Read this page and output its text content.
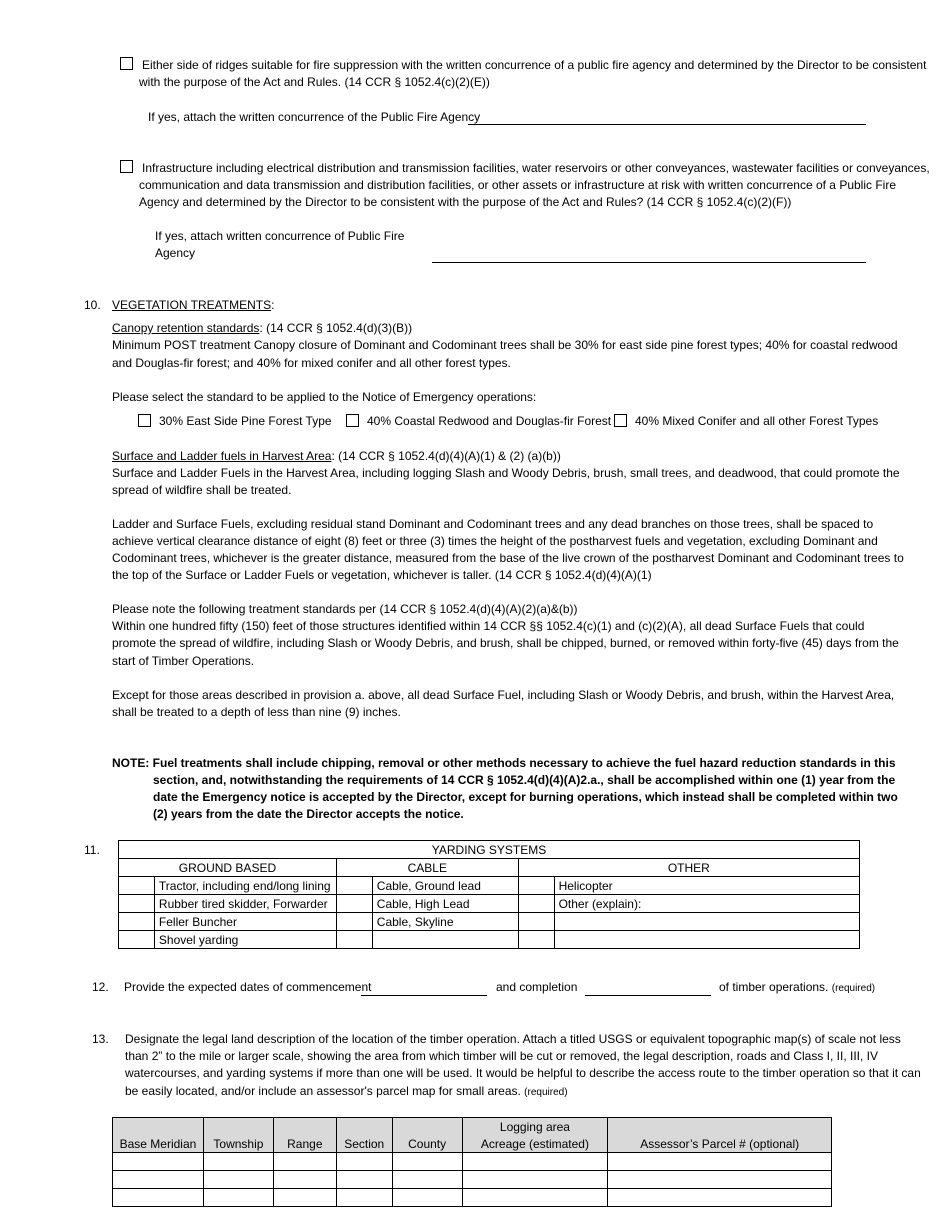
Either side of ridges suitable for fire suppression with the written concurrence of a public fire agency and determined by the Director to be consistent
with the purpose of the Act and Rules. (14 CCR § 1052.4(c)(2)(E))
If yes, attach the written concurrence of the Public Fire Agency
Infrastructure including electrical distribution and transmission facilities, water reservoirs or other conveyances, wastewater facilities or conveyances,
communication and data transmission and distribution facilities, or other assets or infrastructure at risk with written concurrence of a Public Fire
Agency and determined by the Director to be consistent with the purpose of the Act and Rules? (14 CCR § 1052.4(c)(2)(F))
If yes, attach written concurrence of Public Fire
Agency
10. VEGETATION TREATMENTS:
Canopy retention standards: (14 CCR § 1052.4(d)(3)(B))
Minimum POST treatment Canopy closure of Dominant and Codominant trees shall be 30% for east side pine forest types; 40% for coastal redwood
and Douglas-fir forest; and 40% for mixed conifer and all other forest types.
Please select the standard to be applied to the Notice of Emergency operations:
30% East Side Pine Forest Type	40% Coastal Redwood and Douglas-fir Forest 40% Mixed Conifer and all other Forest Types
Surface and Ladder fuels in Harvest Area: (14 CCR § 1052.4(d)(4)(A)(1) & (2) (a)(b))
Surface and Ladder Fuels in the Harvest Area, including logging Slash and Woody Debris, brush, small trees, and deadwood, that could promote the
spread of wildfire shall be treated.
Ladder and Surface Fuels, excluding residual stand Dominant and Codominant trees and any dead branches on those trees, shall be spaced to
achieve vertical clearance distance of eight (8) feet or three (3) times the height of the postharvest fuels and vegetation, excluding Dominant and
Codominant trees, whichever is the greater distance, measured from the base of the live crown of the postharvest Dominant and Codominant trees to
the top of the Surface or Ladder Fuels or vegetation, whichever is taller. (14 CCR § 1052.4(d)(4)(A)(1)
Please note the following treatment standards per (14 CCR § 1052.4(d)(4)(A)(2)(a)&(b))
Within one hundred fifty (150) feet of those structures identified within 14 CCR §§ 1052.4(c)(1) and (c)(2)(A), all dead Surface Fuels that could
promote the spread of wildfire, including Slash or Woody Debris, and brush, shall be chipped, burned, or removed within forty-five (45) days from the
start of Timber Operations.
Except for those areas described in provision a. above, all dead Surface Fuel, including Slash or Woody Debris, and brush, within the Harvest Area,
shall be treated to a depth of less than nine (9) inches.
NOTE: Fuel treatments shall include chipping, removal or other methods necessary to achieve the fuel hazard reduction standards in this
section, and, notwithstanding the requirements of 14 CCR § 1052.4(d)(4)(A)2.a., shall be accomplished within one (1) year from the
date the Emergency notice is accepted by the Director, except for burning operations, which instead shall be completed within two
(2) years from the date the Director accepts the notice.
11.	YARDING SYSTEMS					
GROUND BASED		CABLE		OTHER	
	Tractor, including end/long lining		Cable, Ground lead		Helicopter
	Rubber tired skidder, Forwarder		Cable, High Lead		Other (explain):
	Feller Buncher		Cable, Skyline		
	Shovel yarding				
12. Provide the expected dates of commencement	and completion	of timber operations. (required)
13. Designate the legal land description of the location of the timber operation. Attach a titled USGS or equivalent topographic map(s) of scale not less
than 2” to the mile or larger scale, showing the area from which timber will be cut or removed, the legal description, roads and Class I, II, III, IV
watercourses, and yarding systems if more than one will be used. It would be helpful to describe the access route to the timber operation so that it can
be easily located, and/or include an assessor's parcel map for small areas. (required)
					Logging area	
Base Meridian	Township	Range	Section	County	Acreage (estimated)	Assessor’s Parcel # (optional)
